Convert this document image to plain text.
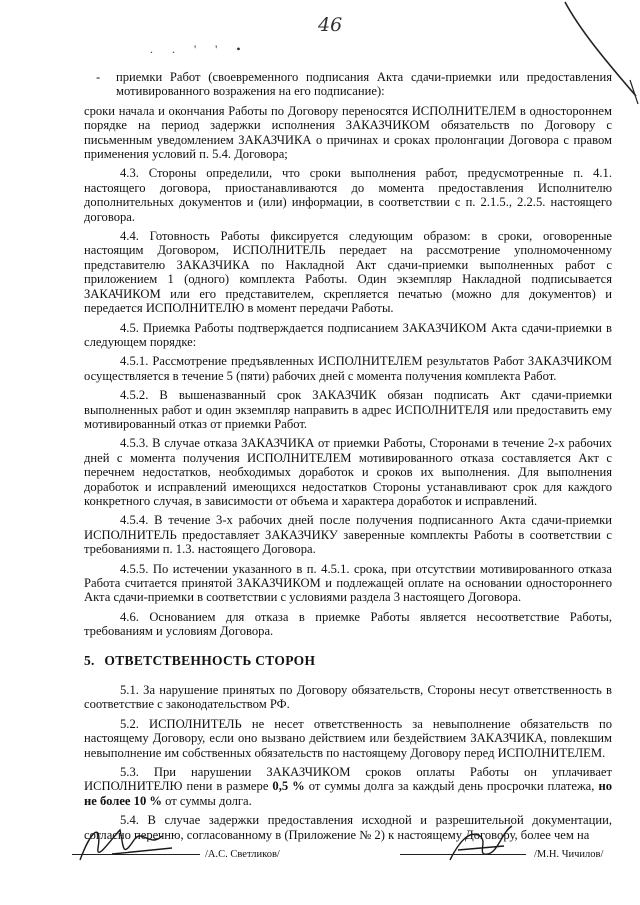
46
. . ' ' •

- приемки Работ (своевременного подписания Акта сдачи-приемки или предоставления мотивированного возражения на его подписание):

сроки начала и окончания Работы по Договору переносятся ИСПОЛНИТЕЛЕМ в одностороннем порядке на период задержки исполнения ЗАКАЗЧИКОМ обязательств по Договору с письменным уведомлением ЗАКАЗЧИКА о причинах и сроках пролонгации Договора с правом применения условий п. 5.4. Договора;

4.3. Стороны определили, что сроки выполнения работ, предусмотренные п. 4.1. настоящего договора, приостанавливаются до момента предоставления Исполнителю дополнительных документов и (или) информации, в соответствии с п. 2.1.5., 2.2.5. настоящего договора.

4.4. Готовность Работы фиксируется следующим образом: в сроки, оговоренные настоящим Договором, ИСПОЛНИТЕЛЬ передает на рассмотрение уполномоченному представителю ЗАКАЗЧИКА по Накладной Акт сдачи-приемки выполненных работ с приложением 1 (одного) комплекта Работы. Один экземпляр Накладной подписывается ЗАКАЧИКОМ или его представителем, скрепляется печатью (можно для документов) и передается ИСПОЛНИТЕЛЮ в момент передачи Работы.

4.5. Приемка Работы подтверждается подписанием ЗАКАЗЧИКОМ Акта сдачи-приемки в следующем порядке:

4.5.1. Рассмотрение предъявленных ИСПОЛНИТЕЛЕМ результатов Работ ЗАКАЗЧИКОМ осуществляется в течение 5 (пяти) рабочих дней с момента получения комплекта Работ.

4.5.2. В вышеназванный срок ЗАКАЗЧИК обязан подписать Акт сдачи-приемки выполненных работ и один экземпляр направить в адрес ИСПОЛНИТЕЛЯ или предоставить ему мотивированный отказ от приемки Работ.

4.5.3. В случае отказа ЗАКАЗЧИКА от приемки Работы, Сторонами в течение 2-х рабочих дней с момента получения ИСПОЛНИТЕЛЕМ мотивированного отказа составляется Акт с перечнем недостатков, необходимых доработок и сроков их выполнения. Для выполнения доработок и исправлений имеющихся недостатков Стороны устанавливают срок для каждого конкретного случая, в зависимости от объема и характера доработок и исправлений.

4.5.4. В течение 3-х рабочих дней после получения подписанного Акта сдачи-приемки ИСПОЛНИТЕЛЬ предоставляет ЗАКАЗЧИКУ заверенные комплекты Работы в соответствии с требованиями п. 1.3. настоящего Договора.

4.5.5. По истечении указанного в п. 4.5.1. срока, при отсутствии мотивированного отказа Работа считается принятой ЗАКАЗЧИКОМ и подлежащей оплате на основании одностороннего Акта сдачи-приемки в соответствии с условиями раздела 3 настоящего Договора.

4.6. Основанием для отказа в приемке Работы является несоответствие Работы, требованиям и условиям Договора.

5. ОТВЕТСТВЕННОСТЬ СТОРОН

5.1. За нарушение принятых по Договору обязательств, Стороны несут ответственность в соответствие с законодательством РФ.

5.2. ИСПОЛНИТЕЛЬ не несет ответственность за невыполнение обязательств по настоящему Договору, если оно вызвано действием или бездействием ЗАКАЗЧИКА, повлекшим невыполнение им собственных обязательств по настоящему Договору перед ИСПОЛНИТЕЛЕМ.

5.3. При нарушении ЗАКАЗЧИКОМ сроков оплаты Работы он уплачивает ИСПОЛНИТЕЛЮ пени в размере 0,5 % от суммы долга за каждый день просрочки платежа, но не более 10 % от суммы долга.

5.4. В случае задержки предоставления исходной и разрешительной документации, согласно перечню, согласованному в (Приложение № 2) к настоящему Договору, более чем на

/А.С. Светликов/	/М.Н. Чичилов/
